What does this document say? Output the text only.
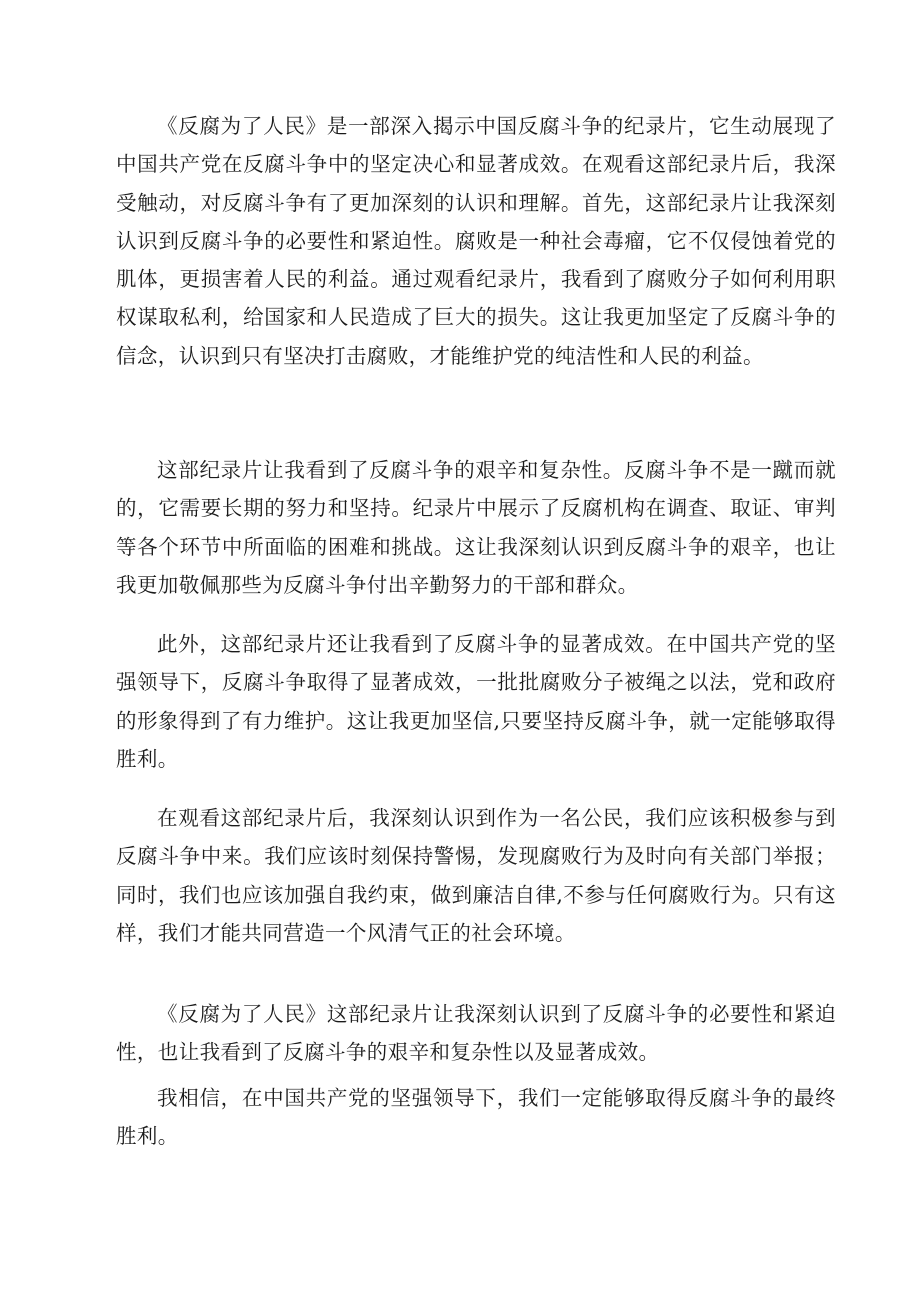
《反腐为了人民》是一部深入揭示中国反腐斗争的纪录片，它生动展现了中国共产党在反腐斗争中的坚定决心和显著成效。在观看这部纪录片后，我深受触动，对反腐斗争有了更加深刻的认识和理解。首先，这部纪录片让我深刻认识到反腐斗争的必要性和紧迫性。腐败是一种社会毒瘤，它不仅侵蚀着党的肌体，更损害着人民的利益。通过观看纪录片，我看到了腐败分子如何利用职权谋取私利，给国家和人民造成了巨大的损失。这让我更加坚定了反腐斗争的信念，认识到只有坚决打击腐败，才能维护党的纯洁性和人民的利益。

这部纪录片让我看到了反腐斗争的艰辛和复杂性。反腐斗争不是一蹴而就的，它需要长期的努力和坚持。纪录片中展示了反腐机构在调查、取证、审判等各个环节中所面临的困难和挑战。这让我深刻认识到反腐斗争的艰辛，也让我更加敬佩那些为反腐斗争付出辛勤努力的干部和群众。

此外，这部纪录片还让我看到了反腐斗争的显著成效。在中国共产党的坚强领导下，反腐斗争取得了显著成效，一批批腐败分子被绳之以法，党和政府的形象得到了有力维护。这让我更加坚信,只要坚持反腐斗争，就一定能够取得胜利。

在观看这部纪录片后，我深刻认识到作为一名公民，我们应该积极参与到反腐斗争中来。我们应该时刻保持警惕，发现腐败行为及时向有关部门举报；同时，我们也应该加强自我约束，做到廉洁自律,不参与任何腐败行为。只有这样，我们才能共同营造一个风清气正的社会环境。

《反腐为了人民》这部纪录片让我深刻认识到了反腐斗争的必要性和紧迫性，也让我看到了反腐斗争的艰辛和复杂性以及显著成效。

我相信，在中国共产党的坚强领导下，我们一定能够取得反腐斗争的最终胜利。
